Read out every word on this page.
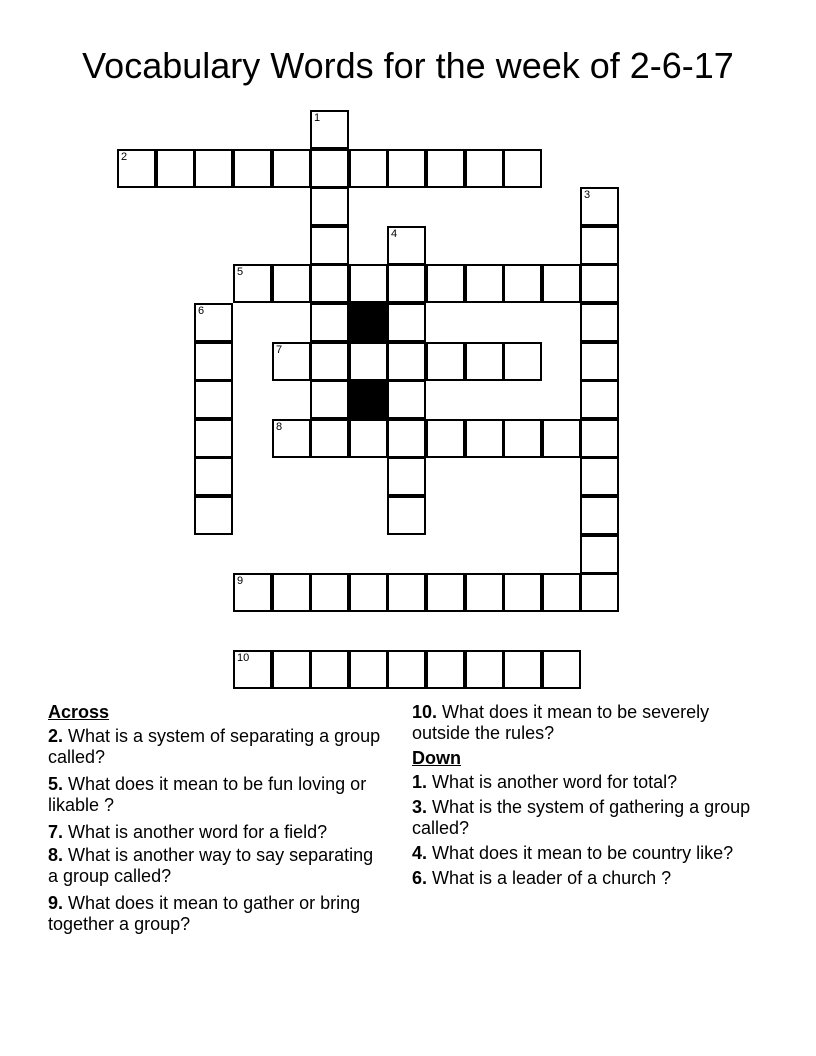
Vocabulary Words for the week of 2-6-17
1
2
3
4
5
6
7
8
9
10
Across
2. What is a system of separating a group called?
5. What does it mean to be fun loving or likable ?
7. What is another word for a field?
8. What is another way to say separating a group called?
9. What does it mean to gather or bring together a group?
10. What does it mean to be severely outside the rules?
Down
1. What is another word for total?
3. What is the system of gathering a group called?
4. What does it mean to be country like?
6. What is a leader of a church ?
